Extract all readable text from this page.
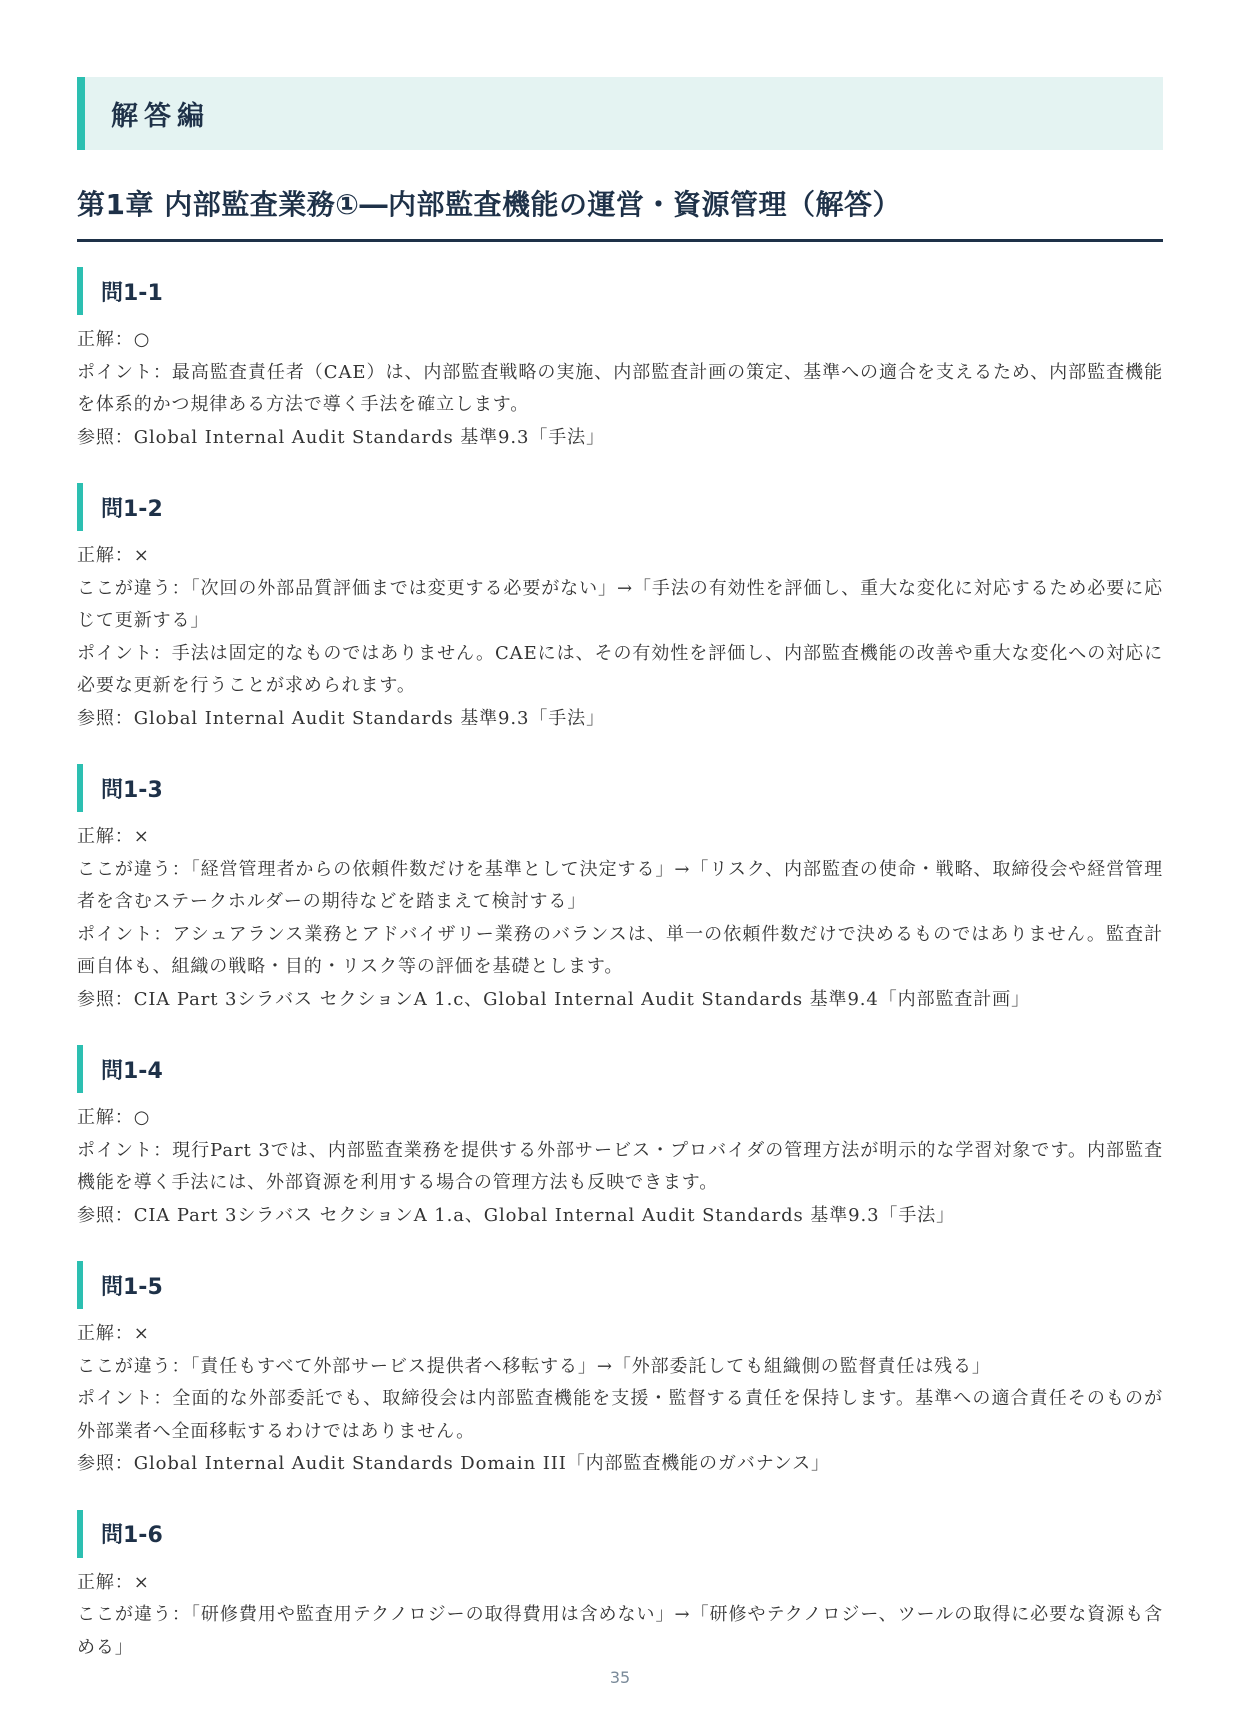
解答編
第1章 内部監査業務①―内部監査機能の運営・資源管理（解答）
問1-1
正解：○
ポイント：最高監査責任者（CAE）は、内部監査戦略の実施、内部監査計画の策定、基準への適合を支えるため、内部監査機能を体系的かつ規律ある方法で導く手法を確立します。
参照：Global Internal Audit Standards 基準9.3「手法」
問1-2
正解：×
ここが違う：「次回の外部品質評価までは変更する必要がない」→「手法の有効性を評価し、重大な変化に対応するため必要に応じて更新する」
ポイント：手法は固定的なものではありません。CAEには、その有効性を評価し、内部監査機能の改善や重大な変化への対応に必要な更新を行うことが求められます。
参照：Global Internal Audit Standards 基準9.3「手法」
問1-3
正解：×
ここが違う：「経営管理者からの依頼件数だけを基準として決定する」→「リスク、内部監査の使命・戦略、取締役会や経営管理者を含むステークホルダーの期待などを踏まえて検討する」
ポイント：アシュアランス業務とアドバイザリー業務のバランスは、単一の依頼件数だけで決めるものではありません。監査計画自体も、組織の戦略・目的・リスク等の評価を基礎とします。
参照：CIA Part 3シラバス セクションA 1.c、Global Internal Audit Standards 基準9.4「内部監査計画」
問1-4
正解：○
ポイント：現行Part 3では、内部監査業務を提供する外部サービス・プロバイダの管理方法が明示的な学習対象です。内部監査機能を導く手法には、外部資源を利用する場合の管理方法も反映できます。
参照：CIA Part 3シラバス セクションA 1.a、Global Internal Audit Standards 基準9.3「手法」
問1-5
正解：×
ここが違う：「責任もすべて外部サービス提供者へ移転する」→「外部委託しても組織側の監督責任は残る」
ポイント：全面的な外部委託でも、取締役会は内部監査機能を支援・監督する責任を保持します。基準への適合責任そのものが外部業者へ全面移転するわけではありません。
参照：Global Internal Audit Standards Domain III「内部監査機能のガバナンス」
問1-6
正解：×
ここが違う：「研修費用や監査用テクノロジーの取得費用は含めない」→「研修やテクノロジー、ツールの取得に必要な資源も含める」
35
